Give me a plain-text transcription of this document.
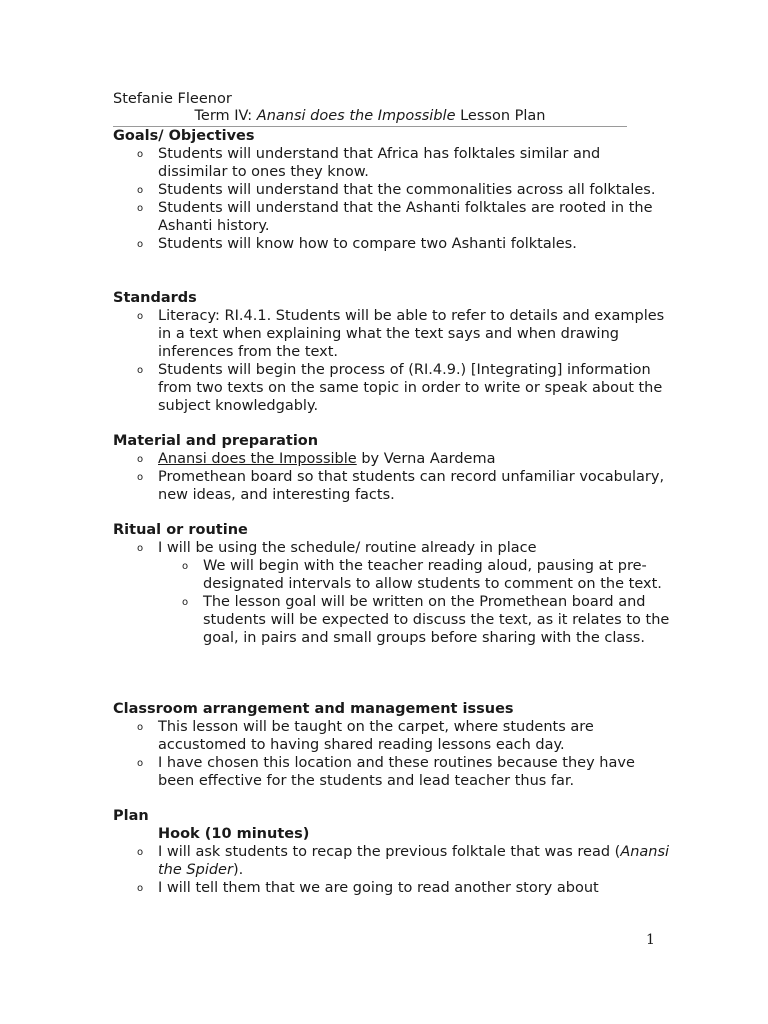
Stefanie Fleenor
Term IV: Anansi does the Impossible Lesson Plan
Goals/ Objectives
o Students will understand that Africa has folktales similar and dissimilar to ones they know.
o Students will understand that the commonalities across all folktales.
o Students will understand that the Ashanti folktales are rooted in the Ashanti history.
o Students will know how to compare two Ashanti folktales.
Standards
o Literacy: RI.4.1. Students will be able to refer to details and examples in a text when explaining what the text says and when drawing inferences from the text.
o Students will begin the process of (RI.4.9.) [Integrating] information from two texts on the same topic in order to write or speak about the subject knowledgably.
Material and preparation
o Anansi does the Impossible by Verna Aardema
o Promethean board so that students can record unfamiliar vocabulary, new ideas, and interesting facts.
Ritual or routine
o I will be using the schedule/ routine already in place
o We will begin with the teacher reading aloud, pausing at pre-designated intervals to allow students to comment on the text.
o The lesson goal will be written on the Promethean board and students will be expected to discuss the text, as it relates to the goal, in pairs and small groups before sharing with the class.
Classroom arrangement and management issues
o This lesson will be taught on the carpet, where students are accustomed to having shared reading lessons each day.
o I have chosen this location and these routines because they have been effective for the students and lead teacher thus far.
Plan
Hook (10 minutes)
o I will ask students to recap the previous folktale that was read (Anansi the Spider).
o I will tell them that we are going to read another story about
1
